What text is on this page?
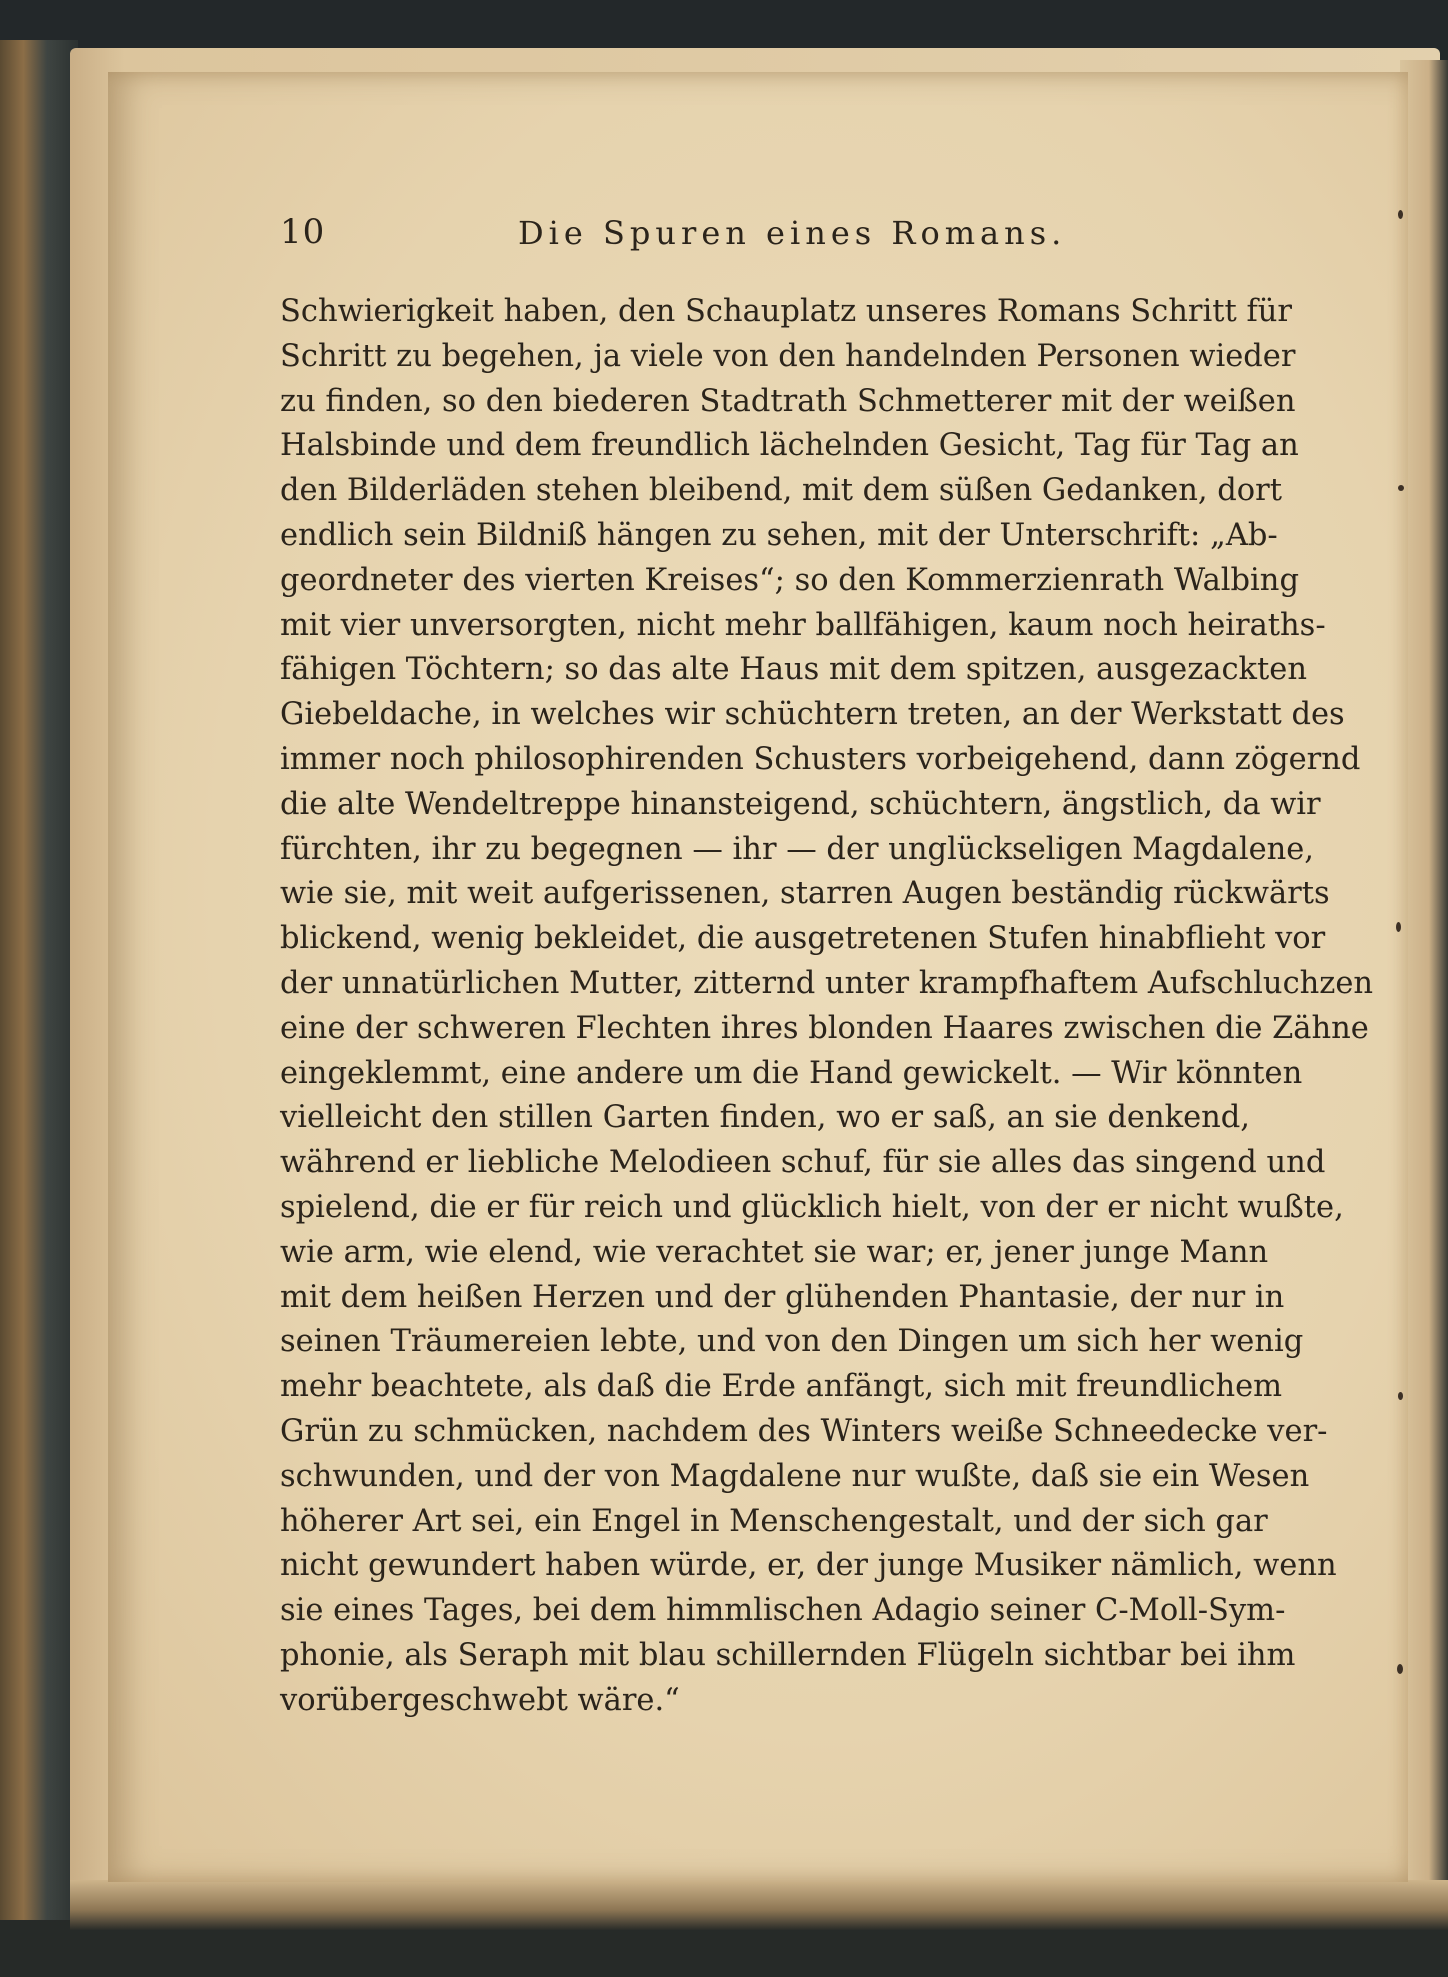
10	Die Spuren eines Romans.
Schwierigkeit haben, den Schauplatz unseres Romans Schritt für
Schritt zu begehen, ja viele von den handelnden Personen wieder
zu finden, so den biederen Stadtrath Schmetterer mit der weißen
Halsbinde und dem freundlich lächelnden Gesicht, Tag für Tag an
den Bilderläden stehen bleibend, mit dem süßen Gedanken, dort
endlich sein Bildniß hängen zu sehen, mit der Unterschrift: „Ab-
geordneter des vierten Kreises“; so den Kommerzienrath Walbing
mit vier unversorgten, nicht mehr ballfähigen, kaum noch heiraths-
fähigen Töchtern; so das alte Haus mit dem spitzen, ausgezackten
Giebeldache, in welches wir schüchtern treten, an der Werkstatt des
immer noch philosophirenden Schusters vorbeigehend, dann zögernd
die alte Wendeltreppe hinansteigend, schüchtern, ängstlich, da wir
fürchten, ihr zu begegnen — ihr — der unglückseligen Magdalene,
wie sie, mit weit aufgerissenen, starren Augen beständig rückwärts
blickend, wenig bekleidet, die ausgetretenen Stufen hinabflieht vor
der unnatürlichen Mutter, zitternd unter krampfhaftem Aufschluchzen
eine der schweren Flechten ihres blonden Haares zwischen die Zähne
eingeklemmt, eine andere um die Hand gewickelt. — Wir könnten
vielleicht den stillen Garten finden, wo er saß, an sie denkend,
während er liebliche Melodieen schuf, für sie alles das singend und
spielend, die er für reich und glücklich hielt, von der er nicht wußte,
wie arm, wie elend, wie verachtet sie war; er, jener junge Mann
mit dem heißen Herzen und der glühenden Phantasie, der nur in
seinen Träumereien lebte, und von den Dingen um sich her wenig
mehr beachtete, als daß die Erde anfängt, sich mit freundlichem
Grün zu schmücken, nachdem des Winters weiße Schneedecke ver-
schwunden, und der von Magdalene nur wußte, daß sie ein Wesen
höherer Art sei, ein Engel in Menschengestalt, und der sich gar
nicht gewundert haben würde, er, der junge Musiker nämlich, wenn
sie eines Tages, bei dem himmlischen Adagio seiner C-Moll-Sym-
phonie, als Seraph mit blau schillernden Flügeln sichtbar bei ihm
vorübergeschwebt wäre.“
